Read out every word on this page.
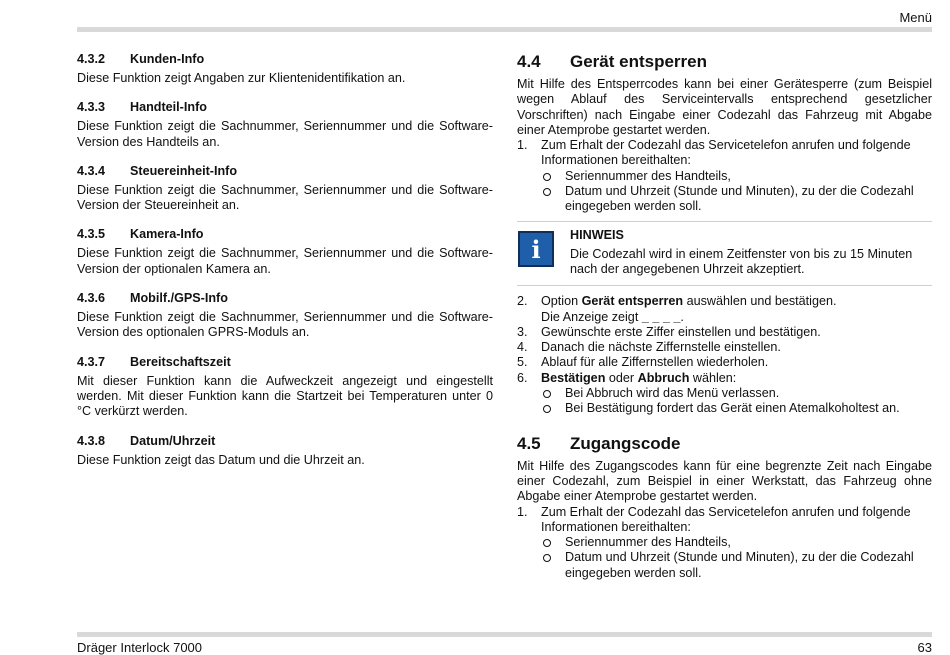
Menü
4.3.2 Kunden-Info

Diese Funktion zeigt Angaben zur Klientenidentifikation an.

4.3.3 Handteil-Info

Diese Funktion zeigt die Sachnummer, Seriennummer und die Software-Version des Handteils an.

4.3.4 Steuereinheit-Info

Diese Funktion zeigt die Sachnummer, Seriennummer und die Software-Version der Steuereinheit an.

4.3.5 Kamera-Info

Diese Funktion zeigt die Sachnummer, Seriennummer und die Software-Version der optionalen Kamera an.

4.3.6 Mobilf./GPS-Info

Diese Funktion zeigt die Sachnummer, Seriennummer und die Software-Version des optionalen GPRS-Moduls an.

4.3.7 Bereitschaftszeit

Mit dieser Funktion kann die Aufweckzeit angezeigt und eingestellt werden. Mit dieser Funktion kann die Startzeit bei Temperaturen unter 0 °C verkürzt werden.

4.3.8 Datum/Uhrzeit

Diese Funktion zeigt das Datum und die Uhrzeit an.

4.4 Gerät entsperren

Mit Hilfe des Entsperrcodes kann bei einer Gerätesperre (zum Beispiel wegen Ablauf des Serviceintervalls entsprechend gesetzlicher Vorschriften) nach Eingabe einer Codezahl das Fahrzeug mit Abgabe einer Atemprobe gestartet werden.

1. Zum Erhalt der Codezahl das Servicetelefon anrufen und folgende Informationen bereithalten:
Seriennummer des Handteils,
Datum und Uhrzeit (Stunde und Minuten), zu der die Codezahl eingegeben werden soll.
i	HINWEIS

Die Codezahl wird in einem Zeitfenster von bis zu 15 Minuten nach der angegebenen Uhrzeit akzeptiert.

2. Option Gerät entsperren auswählen und bestätigen.
Die Anzeige zeigt _ _ _ _.
3. Gewünschte erste Ziffer einstellen und bestätigen.
4. Danach die nächste Ziffernstelle einstellen.
5. Ablauf für alle Ziffernstellen wiederholen.
6. Bestätigen oder Abbruch wählen:
Bei Abbruch wird das Menü verlassen.
Bei Bestätigung fordert das Gerät einen Atemalkoholtest an.
4.5 Zugangscode

Mit Hilfe des Zugangscodes kann für eine begrenzte Zeit nach Eingabe einer Codezahl, zum Beispiel in einer Werkstatt, das Fahrzeug ohne Abgabe einer Atemprobe gestartet werden.

1. Zum Erhalt der Codezahl das Servicetelefon anrufen und folgende Informationen bereithalten:
Seriennummer des Handteils,
Datum und Uhrzeit (Stunde und Minuten), zu der die Codezahl eingegeben werden soll.
Dräger Interlock 7000	63
